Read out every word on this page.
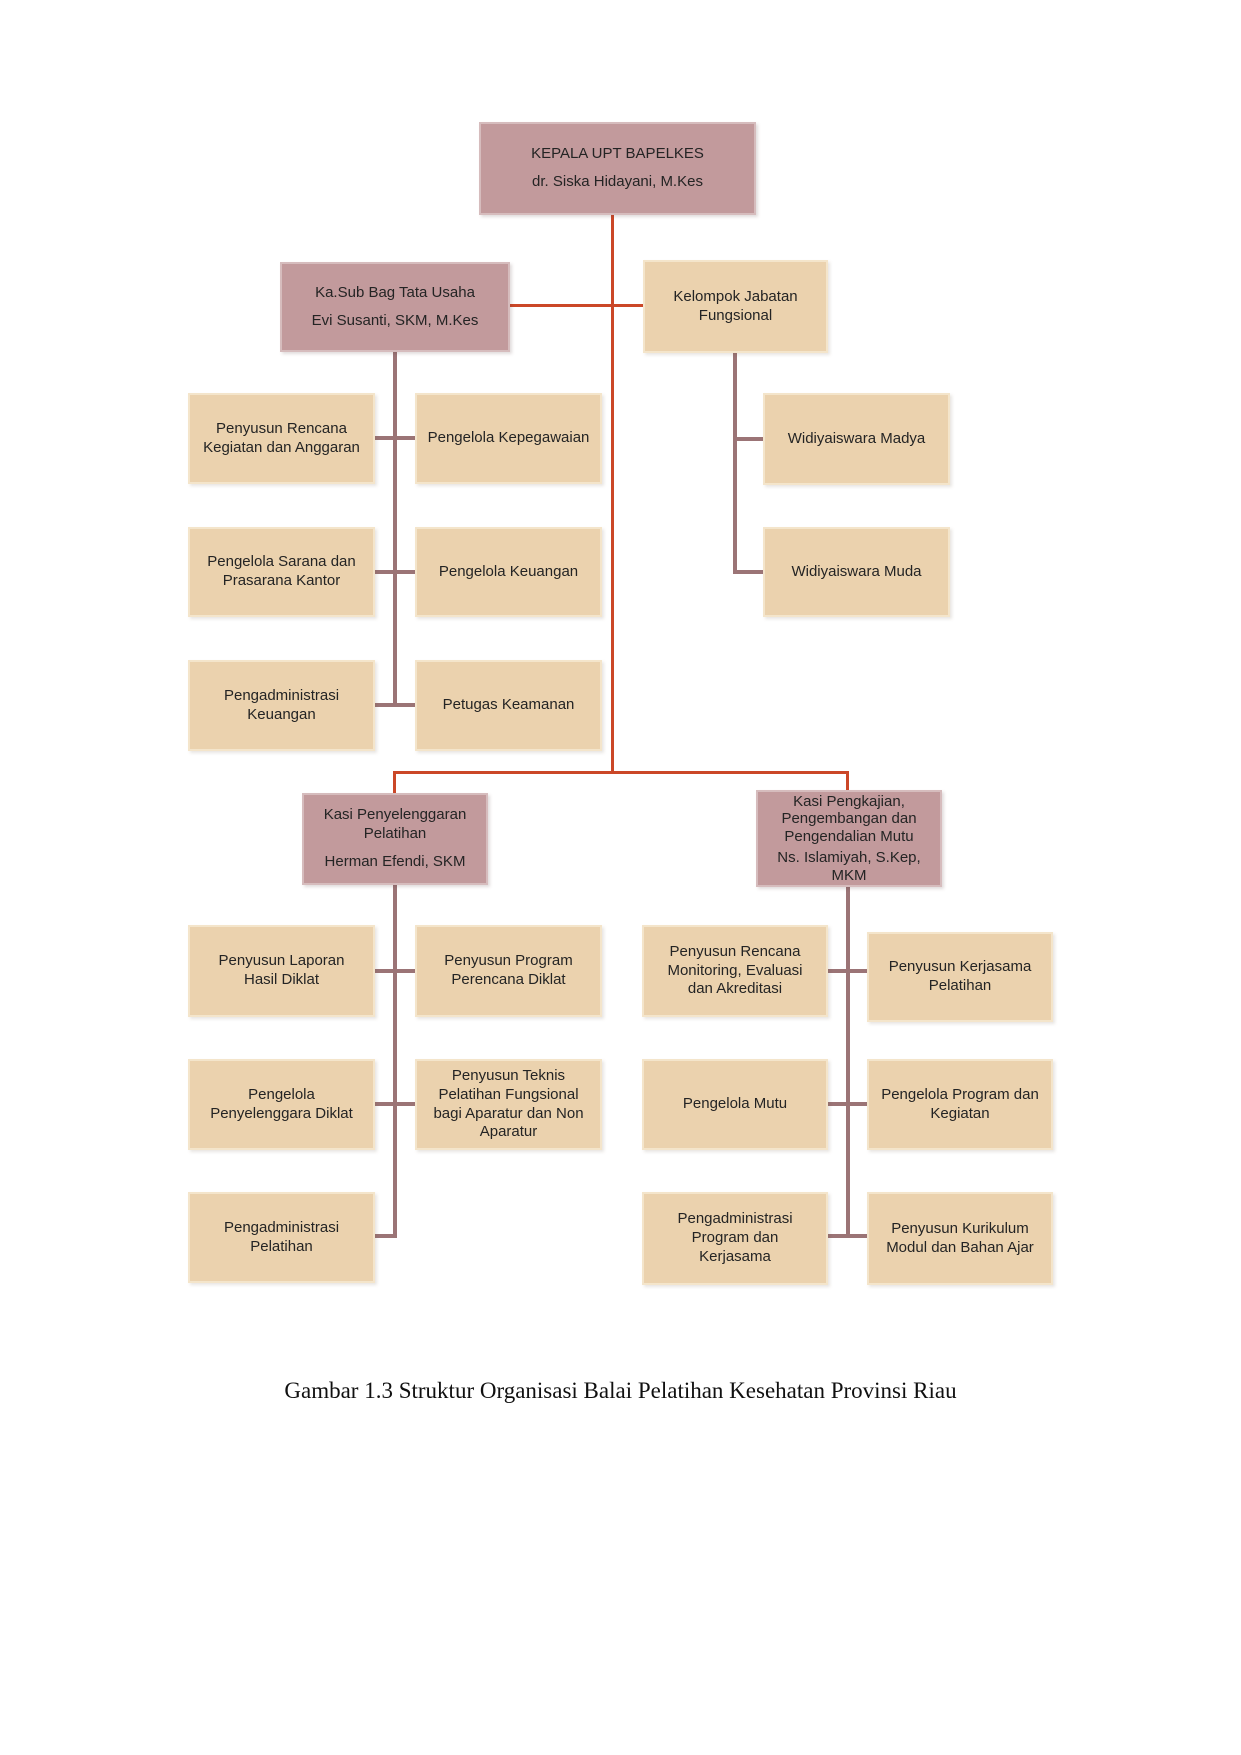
KEPALA UPT BAPELKES
dr. Siska Hidayani, M.Kes
Ka.Sub Bag Tata Usaha
Evi Susanti, SKM, M.Kes
Kelompok Jabatan Fungsional
Kasi Penyelenggaran Pelatihan
Herman Efendi, SKM
Kasi Pengkajian, Pengembangan dan Pengendalian Mutu
Ns. Islamiyah, S.Kep, MKM
Penyusun Rencana Kegiatan dan Anggaran
Pengelola Kepegawaian
Pengelola Sarana dan Prasarana Kantor
Pengelola Keuangan
Pengadministrasi Keuangan
Petugas Keamanan
Widiyaiswara Madya
Widiyaiswara Muda
Penyusun Laporan Hasil Diklat
Penyusun Program Perencana Diklat
Pengelola Penyelenggara Diklat
Penyusun Teknis Pelatihan Fungsional bagi Aparatur dan Non Aparatur
Pengadministrasi Pelatihan
Penyusun Rencana Monitoring, Evaluasi dan Akreditasi
Penyusun Kerjasama Pelatihan
Pengelola Mutu
Pengelola Program dan Kegiatan
Pengadministrasi Program dan Kerjasama
Penyusun Kurikulum Modul dan Bahan Ajar
Gambar 1.3 Struktur Organisasi Balai Pelatihan Kesehatan Provinsi Riau
